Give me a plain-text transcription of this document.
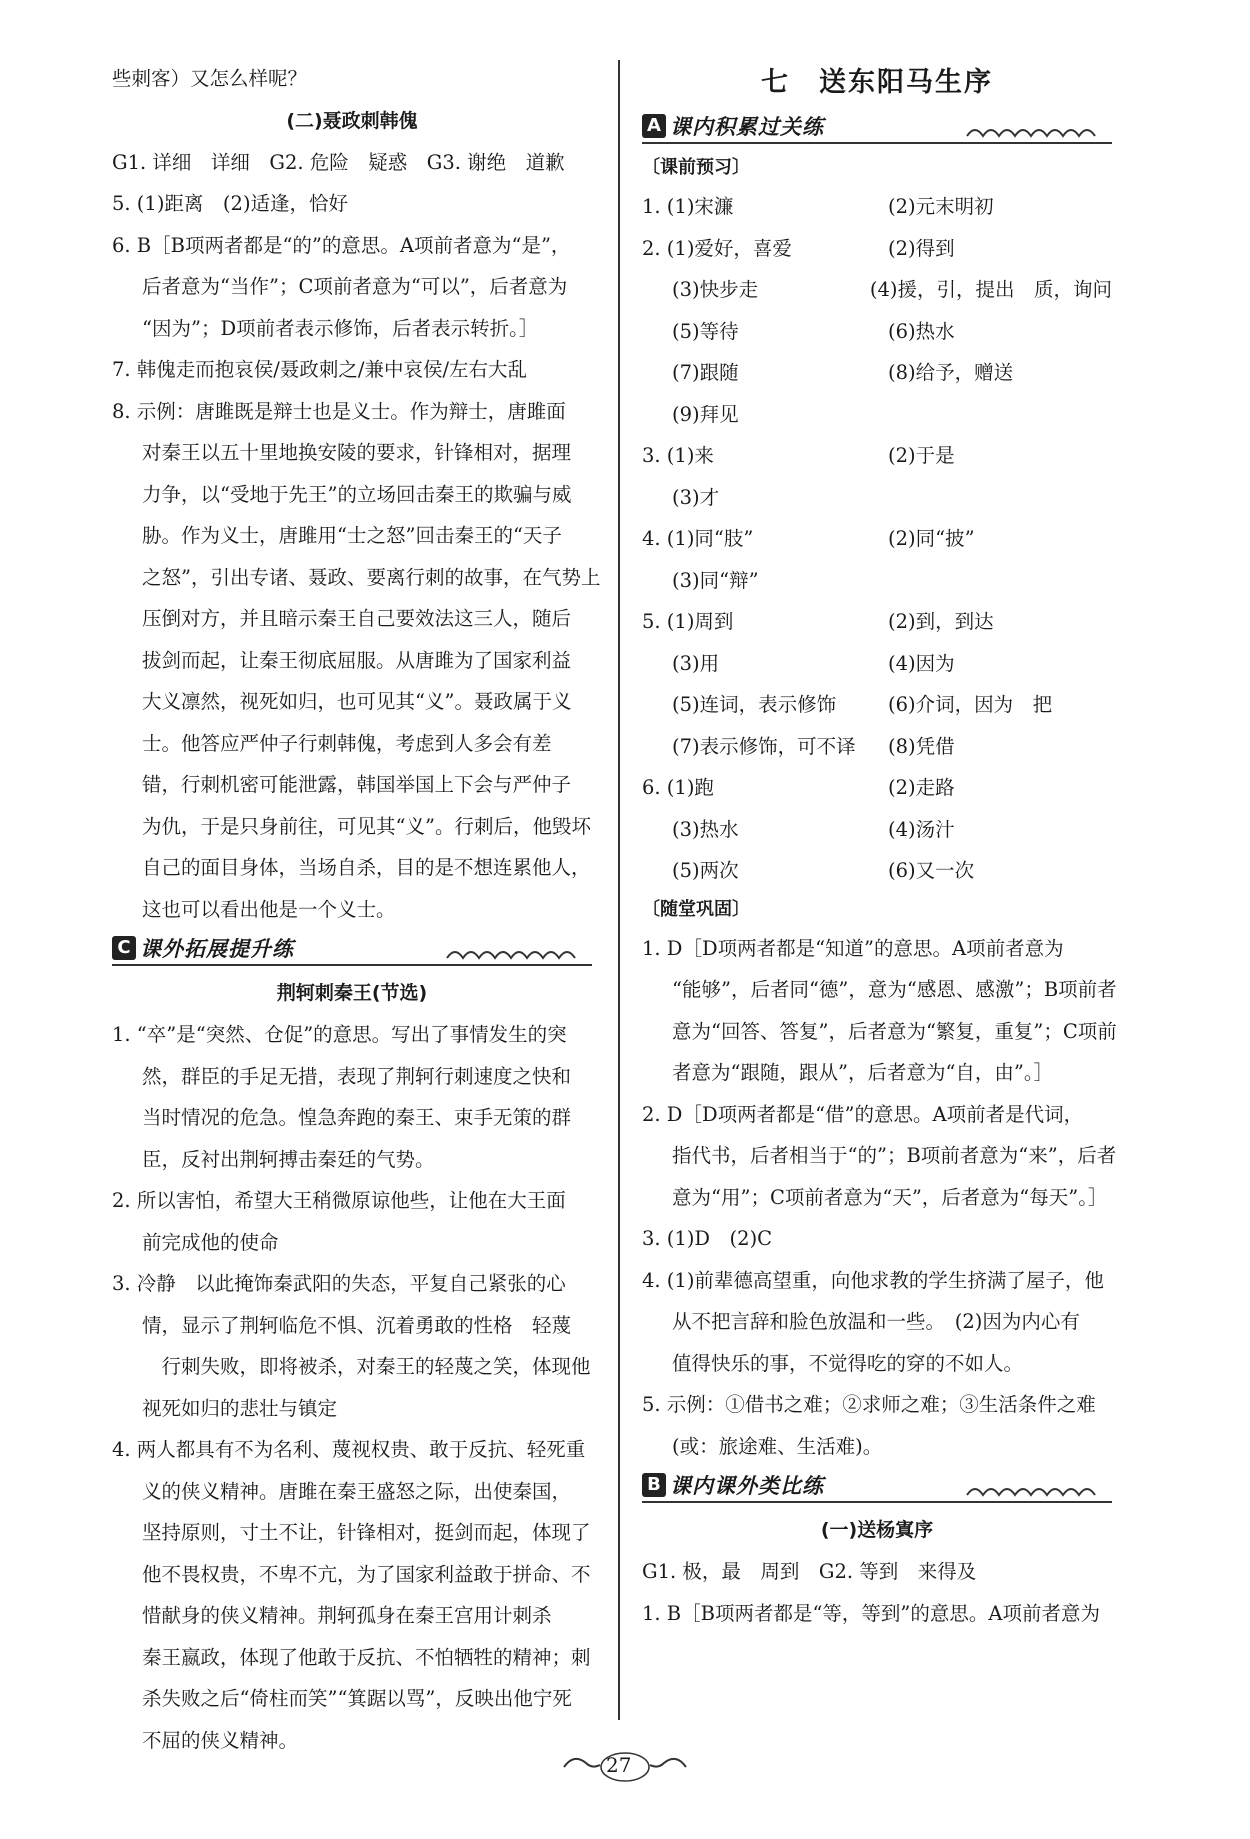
些刺客）又怎么样呢？
(二)聂政刺韩傀
G1. 详细　详细　G2. 危险　疑惑　G3. 谢绝　道歉
5. (1)距离　(2)适逢，恰好
6. B［B项两者都是“的”的意思。A项前者意为“是”，
后者意为“当作”；C项前者意为“可以”，后者意为
“因为”；D项前者表示修饰，后者表示转折。］
7. 韩傀走而抱哀侯/聂政刺之/兼中哀侯/左右大乱
8. 示例：唐雎既是辩士也是义士。作为辩士，唐雎面
对秦王以五十里地换安陵的要求，针锋相对，据理
力争，以“受地于先王”的立场回击秦王的欺骗与威
胁。作为义士，唐雎用“士之怒”回击秦王的“天子
之怒”，引出专诸、聂政、要离行刺的故事，在气势上
压倒对方，并且暗示秦王自己要效法这三人，随后
拔剑而起，让秦王彻底屈服。从唐雎为了国家利益
大义凛然，视死如归，也可见其“义”。聂政属于义
士。他答应严仲子行刺韩傀，考虑到人多会有差
错，行刺机密可能泄露，韩国举国上下会与严仲子
为仇，于是只身前往，可见其“义”。行刺后，他毁坏
自己的面目身体，当场自杀，目的是不想连累他人，
这也可以看出他是一个义士。
C 课外拓展提升练
荆轲刺秦王(节选)
1. “卒”是“突然、仓促”的意思。写出了事情发生的突
然，群臣的手足无措，表现了荆轲行刺速度之快和
当时情况的危急。惶急奔跑的秦王、束手无策的群
臣，反衬出荆轲搏击秦廷的气势。
2. 所以害怕，希望大王稍微原谅他些，让他在大王面
前完成他的使命
3. 冷静　以此掩饰秦武阳的失态，平复自己紧张的心
情，显示了荆轲临危不惧、沉着勇敢的性格　轻蔑
　行刺失败，即将被杀，对秦王的轻蔑之笑，体现他
视死如归的悲壮与镇定
4. 两人都具有不为名利、蔑视权贵、敢于反抗、轻死重
义的侠义精神。唐雎在秦王盛怒之际，出使秦国，
坚持原则，寸土不让，针锋相对，挺剑而起，体现了
他不畏权贵，不卑不亢，为了国家利益敢于拼命、不
惜献身的侠义精神。荆轲孤身在秦王宫用计刺杀
秦王嬴政，体现了他敢于反抗、不怕牺牲的精神；刺
杀失败之后“倚柱而笑”“箕踞以骂”，反映出他宁死
不屈的侠义精神。
七　送东阳马生序
A 课内积累过关练
〔课前预习〕
1. (1)宋濂	(2)元末明初
2. (1)爱好，喜爱	(2)得到
(3)快步走	(4)援，引，提出　质，询问
(5)等待	(6)热水
(7)跟随	(8)给予，赠送
(9)拜见
3. (1)来	(2)于是
(3)才
4. (1)同“肢”	(2)同“披”
(3)同“辩”
5. (1)周到	(2)到，到达
(3)用	(4)因为
(5)连词，表示修饰	(6)介词，因为　把
(7)表示修饰，可不译	(8)凭借
6. (1)跑	(2)走路
(3)热水	(4)汤汁
(5)两次	(6)又一次
〔随堂巩固〕
1. D［D项两者都是“知道”的意思。A项前者意为
“能够”，后者同“德”，意为“感恩、感激”；B项前者
意为“回答、答复”，后者意为“繁复，重复”；C项前
者意为“跟随，跟从”，后者意为“自，由”。］
2. D［D项两者都是“借”的意思。A项前者是代词，
指代书，后者相当于“的”；B项前者意为“来”，后者
意为“用”；C项前者意为“天”，后者意为“每天”。］
3. (1)D　(2)C
4. (1)前辈德高望重，向他求教的学生挤满了屋子，他
从不把言辞和脸色放温和一些。　(2)因为内心有
值得快乐的事，不觉得吃的穿的不如人。
5. 示例：①借书之难；②求师之难；③生活条件之难
(或：旅途难、生活难)。
B 课内课外类比练
(一)送杨寘序
G1. 极，最　周到　G2. 等到　来得及
1. B［B项两者都是“等，等到”的意思。A项前者意为
27
